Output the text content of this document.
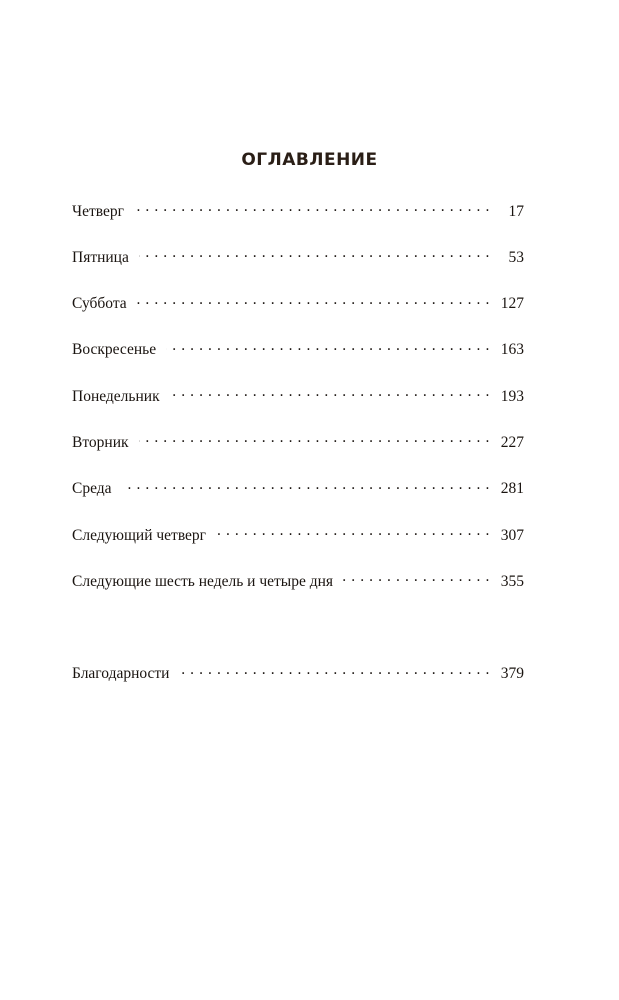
ОГЛАВЛЕНИЕ
Четверг . . .	17
Пятница . . .	53
Суббота . . .	127
Воскресенье . . .	163
Понедельник . . .	193
Вторник . . .	227
Среда . . .	281
Следующий четверг . . .	307
Следующие шесть недель и четыре дня . . .	355
Благодарности . . .	379
